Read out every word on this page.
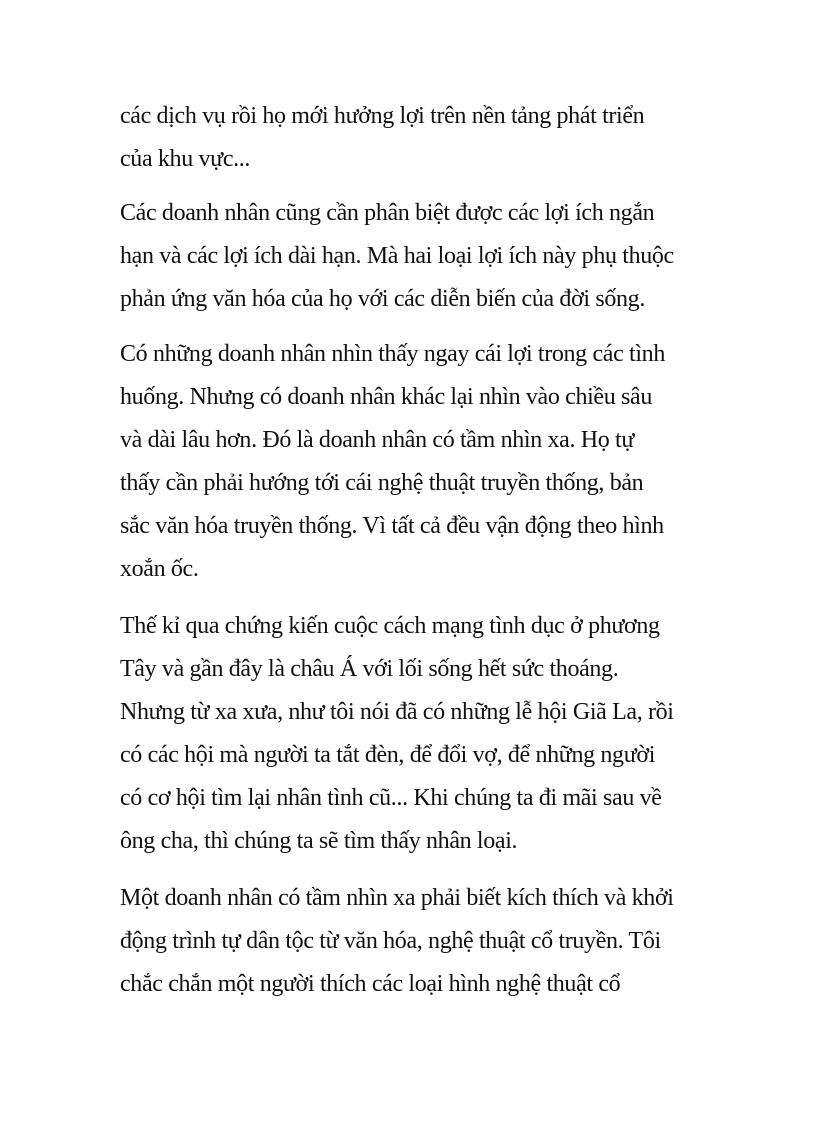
các dịch vụ rồi họ mới hưởng lợi trên nền tảng phát triển
của khu vực...

Các doanh nhân cũng cần phân biệt được các lợi ích ngắn
hạn và các lợi ích dài hạn. Mà hai loại lợi ích này phụ thuộc
phản ứng văn hóa của họ với các diễn biến của đời sống.

Có những doanh nhân nhìn thấy ngay cái lợi trong các tình
huống. Nhưng có doanh nhân khác lại nhìn vào chiều sâu
và dài lâu hơn. Đó là doanh nhân có tầm nhìn xa. Họ tự
thấy cần phải hướng tới cái nghệ thuật truyền thống, bản
sắc văn hóa truyền thống. Vì tất cả đều vận động theo hình
xoắn ốc.

Thế kỉ qua chứng kiến cuộc cách mạng tình dục ở phương
Tây và gần đây là châu Á với lối sống hết sức thoáng.
Nhưng từ xa xưa, như tôi nói đã có những lễ hội Giã La, rồi
có các hội mà người ta tắt đèn, để đổi vợ, để những người
có cơ hội tìm lại nhân tình cũ... Khi chúng ta đi mãi sau về
ông cha, thì chúng ta sẽ tìm thấy nhân loại.

Một doanh nhân có tầm nhìn xa phải biết kích thích và khởi
động trình tự dân tộc từ văn hóa, nghệ thuật cổ truyền. Tôi
chắc chắn một người thích các loại hình nghệ thuật cổ
